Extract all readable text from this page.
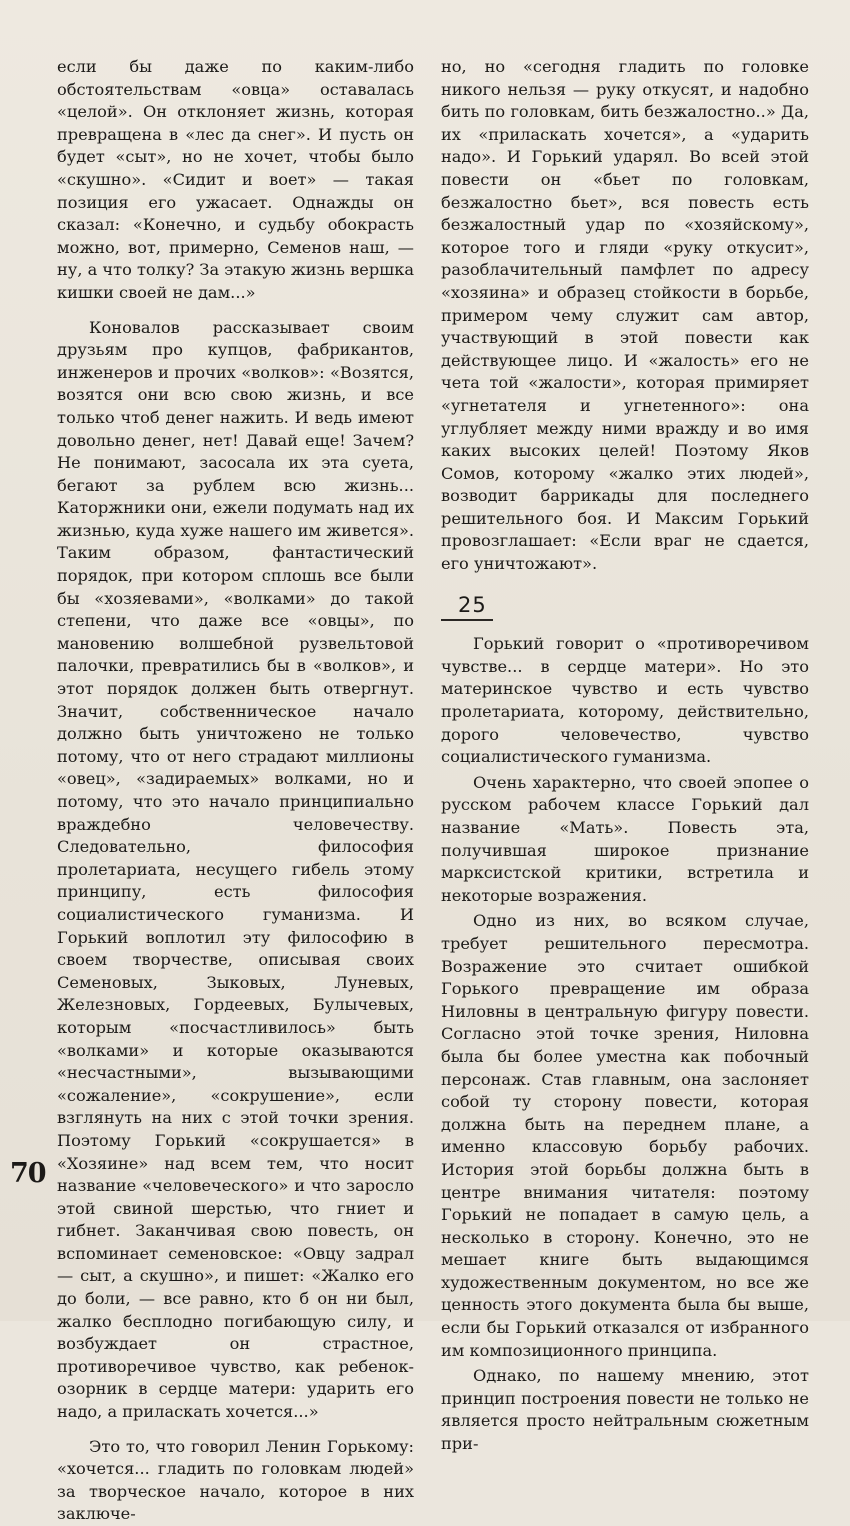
если бы даже по каким-либо обстоятельствам «овца» оставалась «целой». Он отклоняет жизнь, которая превращена в «лес да снег». И пусть он будет «сыт», но не хочет, чтобы было «скушно». «Сидит и воет» — такая позиция его ужасает. Однажды он сказал: «Конечно, и судьбу обокрасть можно, вот, примерно, Семенов наш, — ну, а что толку? За этакую жизнь вершка кишки своей не дам...»

Коновалов рассказывает своим друзьям про купцов, фабрикантов, инженеров и прочих «волков»: «Возятся, возятся они всю свою жизнь, и все только чтоб денег нажить. И ведь имеют довольно денег, нет! Давай еще! Зачем? Не понимают, засосала их эта суета, бегают за рублем всю жизнь... Каторжники они, ежели подумать над их жизнью, куда хуже нашего им живется». Таким образом, фантастический порядок, при котором сплошь все были бы «хозяевами», «волками» до такой степени, что даже все «овцы», по мановению волшебной рузвельтовой палочки, превратились бы в «волков», и этот порядок должен быть отвергнут. Значит, собственническое начало должно быть уничтожено не только потому, что от него страдают миллионы «овец», «задираемых» волками, но и потому, что это начало принципиально враждебно человечеству. Следовательно, философия пролетариата, несущего гибель этому принципу, есть философия социалистического гуманизма. И Горький воплотил эту философию в своем творчестве, описывая своих Семеновых, Зыковых, Луневых, Железновых, Гордеевых, Булычевых, которым «посчастливилось» быть «волками» и которые оказываются «несчастными», вызывающими «сожаление», «сокрушение», если взглянуть на них с этой точки зрения. Поэтому Горький «сокрушается» в «Хозяине» над всем тем, что носит название «человеческого» и что заросло этой свиной шерстью, что гниет и гибнет. Заканчивая свою повесть, он вспоминает семеновское: «Овцу задрал — сыт, а скушно», и пишет: «Жалко его до боли, — все равно, кто б он ни был, жалко бесплодно погибающую силу, и возбуждает он страстное, противоречивое чувство, как ребенок-озорник в сердце матери: ударить его надо, а приласкать хочется...»

Это то, что говорил Ленин Горькому: «хочется... гладить по головкам людей» за творческое начало, которое в них заключе-

но, но «сегодня гладить по головке никого нельзя — руку откусят, и надобно бить по головкам, бить безжалостно..» Да, их «приласкать хочется», а «ударить надо». И Горький ударял. Во всей этой повести он «бьет по головкам, безжалостно бьет», вся повесть есть безжалостный удар по «хозяйскому», которое того и гляди «руку откусит», разоблачительный памфлет по адресу «хозяина» и образец стойкости в борьбе, примером чему служит сам автор, участвующий в этой повести как действующее лицо. И «жалость» его не чета той «жалости», которая примиряет «угнетателя и угнетенного»: она углубляет между ними вражду и во имя каких высоких целей! Поэтому Яков Сомов, которому «жалко этих людей», возводит баррикады для последнего решительного боя. И Максим Горький провозглашает: «Если враг не сдается, его уничтожают».

25

Горький говорит о «противоречивом чувстве... в сердце матери». Но это материнское чувство и есть чувство пролетариата, которому, действительно, дорого человечество, чувство социалистического гуманизма.

Очень характерно, что своей эпопее о русском рабочем классе Горький дал название «Мать». Повесть эта, получившая широкое признание марксистской критики, встретила и некоторые возражения.

Одно из них, во всяком случае, требует решительного пересмотра. Возражение это считает ошибкой Горького превращение им образа Ниловны в центральную фигуру повести. Согласно этой точке зрения, Ниловна была бы более уместна как побочный персонаж. Став главным, она заслоняет собой ту сторону повести, которая должна быть на переднем плане, а именно классовую борьбу рабочих. История этой борьбы должна быть в центре внимания читателя: поэтому Горький не попадает в самую цель, а несколько в сторону. Конечно, это не мешает книге быть выдающимся художественным документом, но все же ценность этого документа была бы выше, если бы Горький отказался от избранного им композиционного принципа.

Однако, по нашему мнению, этот принцип построения повести не только не является просто нейтральным сюжетным при-

70
